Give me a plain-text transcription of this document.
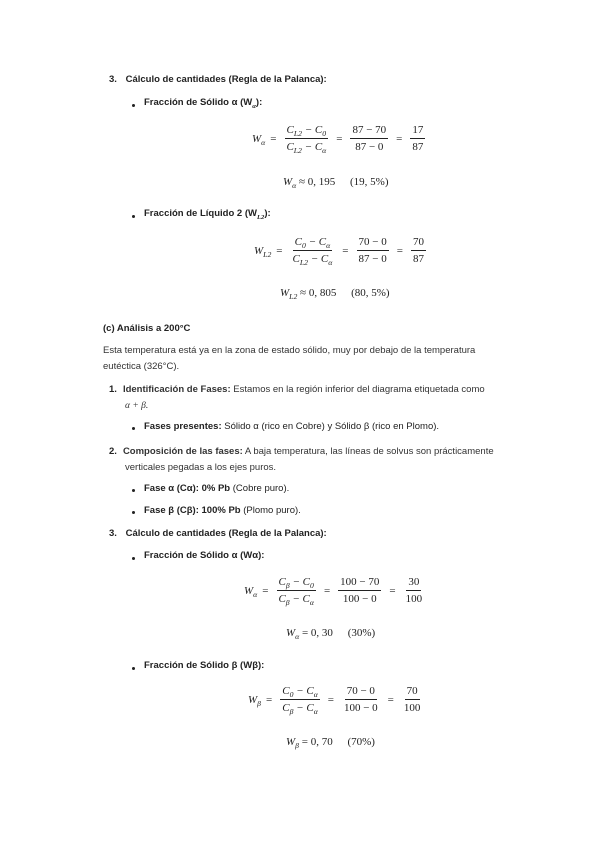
3. Cálculo de cantidades (Regla de la Palanca):
Fracción de Sólido α $(W_\alpha)$:
$W_\alpha = \frac{C_{L2} - C_0}{C_{L2} - C_\alpha} = \frac{87 - 70}{87 - 0} = \frac{17}{87}$
$W_\alpha \approx 0$, 195 (19, 5%)
Fracción de Líquido 2 $(W_{L2})$:
$W_{L2} = \frac{C_0 - C_\alpha}{C_{L2} - C_\alpha} = \frac{70 - 0}{87 - 0} = \frac{70}{87}$
$W_{L2} \approx 0$, 805 (80, 5%)
(c) Análisis a 200°C
Esta temperatura está ya en la zona de estado sólido, muy por debajo de la temperatura
eutéctica (326°C).
1. Identificación de Fases: Estamos en la región inferior del diagrama etiquetada como
α + β.
Fases presentes: Sólido α (rico en Cobre) y Sólido β (rico en Plomo).
2. Composición de las fases: A baja temperatura, las líneas de solvus son prácticamente
verticales pegadas a los ejes puros.
Fase α (Cα): 0% Pb (Cobre puro).
Fase β (Cβ): 100% Pb (Plomo puro).
3. Cálculo de cantidades (Regla de la Palanca):
Fracción de Sólido α (Wα):
$W_\alpha = \frac{C_\beta - C_0}{C_\beta - C_\alpha} = \frac{100 - 70}{100 - 0} = \frac{30}{100}$
$W_\alpha = 0$, 30 (30%)
Fracción de Sólido β (Wβ):
$W_\beta = \frac{C_0 - C_\alpha}{C_\beta - C_\alpha} = \frac{70 - 0}{100 - 0} = \frac{70}{100}$
$W_\beta = 0$, 70 (70%)
